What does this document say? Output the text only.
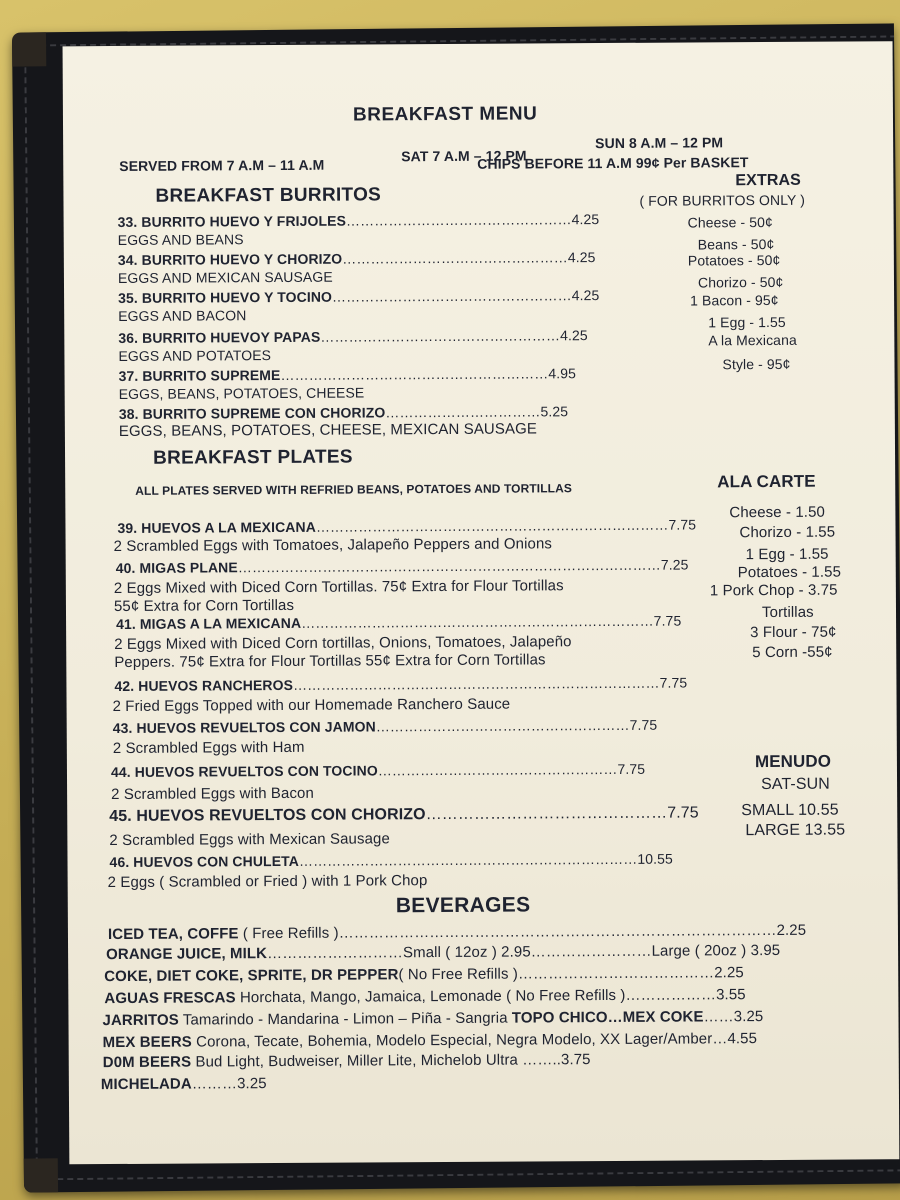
BREAKFAST MENU
SERVED FROM 7 A.M – 11 A.M
SAT 7 A.M – 12 PM
SUN 8 A.M – 12 PM
CHIPS BEFORE 11 A.M 99¢ Per BASKET
BREAKFAST BURRITOS
33. BURRITO HUEVO Y FRIJOLES…………………………………………4.25
EGGS AND BEANS
34. BURRITO HUEVO Y CHORIZO…………………………………………4.25
EGGS AND MEXICAN SAUSAGE
35. BURRITO HUEVO Y TOCINO……………………………………………4.25
EGGS AND BACON
36. BURRITO HUEVOY PAPAS……………………………………………4.25
EGGS AND POTATOES
37. BURRITO SUPREME…………………………………………………4.95
EGGS, BEANS, POTATOES, CHEESE
38. BURRITO SUPREME CON CHORIZO……………………………5.25
EGGS, BEANS, POTATOES, CHEESE, MEXICAN SAUSAGE
EXTRAS
( FOR BURRITOS ONLY )
Cheese - 50¢
Beans - 50¢
Potatoes - 50¢
Chorizo - 50¢
1 Bacon - 95¢
1 Egg - 1.55
A la Mexicana
Style - 95¢
BREAKFAST PLATES
ALL PLATES SERVED WITH REFRIED BEANS, POTATOES AND TORTILLAS
39. HUEVOS A LA MEXICANA…………………………………………………………………7.75
2 Scrambled Eggs with Tomatoes, Jalapeño Peppers and Onions
40. MIGAS PLANE………………………………………………………………………………7.25
2 Eggs Mixed with Diced Corn Tortillas. 75¢ Extra for Flour Tortillas
55¢ Extra for Corn Tortillas
41. MIGAS A LA MEXICANA…………………………………………………………………7.75
2 Eggs Mixed with Diced Corn tortillas, Onions, Tomatoes, Jalapeño
Peppers. 75¢ Extra for Flour Tortillas 55¢ Extra for Corn Tortillas
42. HUEVOS RANCHEROS……………………………………………………………………7.75
2 Fried Eggs Topped with our Homemade Ranchero Sauce
43. HUEVOS REVUELTOS CON JAMON………………………………………………7.75
2 Scrambled Eggs with Ham
44. HUEVOS REVUELTOS CON TOCINO……………………………………………7.75
2 Scrambled Eggs with Bacon
45. HUEVOS REVUELTOS CON CHORIZO………………………………………7.75
2 Scrambled Eggs with Mexican Sausage
46. HUEVOS CON CHULETA………………………………………………………………10.55
2 Eggs ( Scrambled or Fried ) with 1 Pork Chop
ALA CARTE
Cheese - 1.50
Chorizo - 1.55
1 Egg - 1.55
Potatoes - 1.55
1 Pork Chop - 3.75
Tortillas
3 Flour - 75¢
5 Corn -55¢
MENUDO
SAT-SUN
SMALL 10.55
LARGE 13.55
BEVERAGES
ICED TEA, COFFE ( Free Refills )……………………………………………………………………………2.25
ORANGE JUICE, MILK………………………Small ( 12oz ) 2.95……………………Large ( 20oz ) 3.95
COKE, DIET COKE, SPRITE, DR PEPPER( No Free Refills )…………………………………2.25
AGUAS FRESCAS Horchata, Mango, Jamaica, Lemonade ( No Free Refills )………………3.55
JARRITOS Tamarindo - Mandarina - Limon – Piña - Sangria TOPO CHICO…MEX COKE……3.25
MEX BEERS Corona, Tecate, Bohemia, Modelo Especial, Negra Modelo, XX Lager/Amber…4.55
D0M BEERS Bud Light, Budweiser, Miller Lite, Michelob Ultra ……..3.75
MICHELADA………3.25
